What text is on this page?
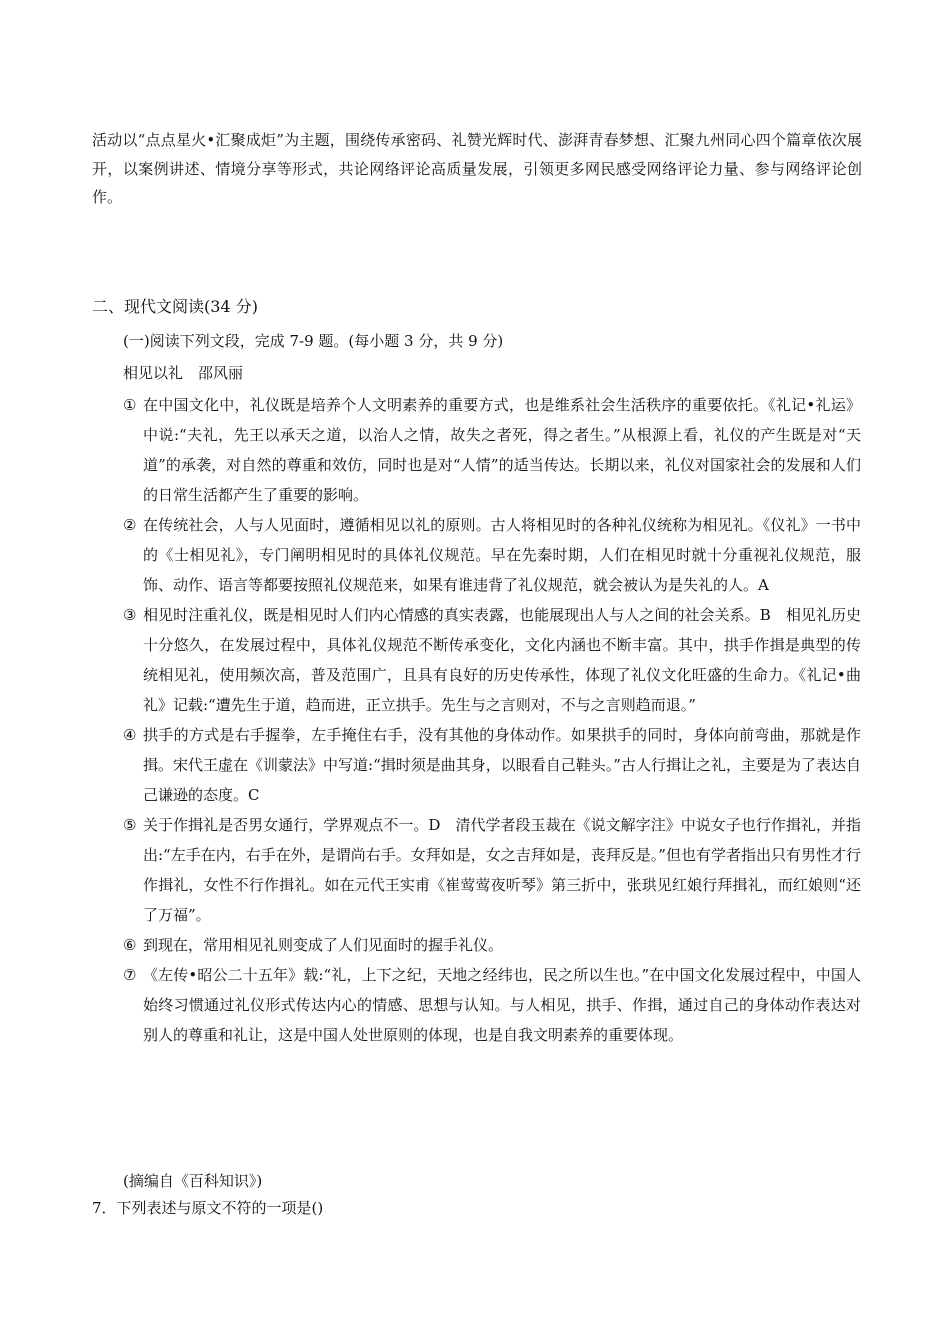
活动以“点点星火•汇聚成炬”为主题，围绕传承密码、礼赞光辉时代、澎湃青春梦想、汇聚九州同心四个篇章依次展开，以案例讲述、情境分享等形式，共论网络评论高质量发展，引领更多网民感受网络评论力量、参与网络评论创作。

二、现代文阅读(34 分)
(一)阅读下列文段，完成 7-9 题。(每小题 3 分，共 9 分)
相见以礼　邵风丽

① 在中国文化中，礼仪既是培养个人文明素养的重要方式，也是维系社会生活秩序的重要依托。《礼记•礼运》中说:“夫礼，先王以承天之道，以治人之情，故失之者死，得之者生。”从根源上看，礼仪的产生既是对“天道”的承袭，对自然的尊重和效仿，同时也是对“人情”的适当传达。长期以来，礼仪对国家社会的发展和人们的日常生活都产生了重要的影响。

② 在传统社会，人与人见面时，遵循相见以礼的原则。古人将相见时的各种礼仪统称为相见礼。《仪礼》一书中的《士相见礼》，专门阐明相见时的具体礼仪规范。早在先秦时期，人们在相见时就十分重视礼仪规范，服饰、动作、语言等都要按照礼仪规范来，如果有谁违背了礼仪规范，就会被认为是失礼的人。A

③ 相见时注重礼仪，既是相见时人们内心情感的真实表露，也能展现出人与人之间的社会关系。B　相见礼历史十分悠久，在发展过程中，具体礼仪规范不断传承变化，文化内涵也不断丰富。其中，拱手作揖是典型的传统相见礼，使用频次高，普及范围广，且具有良好的历史传承性，体现了礼仪文化旺盛的生命力。《礼记•曲礼》记载:“遭先生于道，趋而进，正立拱手。先生与之言则对，不与之言则趋而退。”

④ 拱手的方式是右手握拳，左手掩住右手，没有其他的身体动作。如果拱手的同时，身体向前弯曲，那就是作揖。宋代王虚在《训蒙法》中写道:“揖时须是曲其身，以眼看自己鞋头。”古人行揖让之礼，主要是为了表达自己谦逊的态度。C

⑤ 关于作揖礼是否男女通行，学界观点不一。D　清代学者段玉裁在《说文解字注》中说女子也行作揖礼，并指出:“左手在内，右手在外，是谓尚右手。女拜如是，女之吉拜如是，丧拜反是。”但也有学者指出只有男性才行作揖礼，女性不行作揖礼。如在元代王实甫《崔莺莺夜听琴》第三折中，张珙见红娘行拜揖礼，而红娘则“还了万福”。

⑥ 到现在，常用相见礼则变成了人们见面时的握手礼仪。

⑦ 《左传•昭公二十五年》载:“礼，上下之纪，天地之经纬也，民之所以生也。”在中国文化发展过程中，中国人始终习惯通过礼仪形式传达内心的情感、思想与认知。与人相见，拱手、作揖，通过自己的身体动作表达对别人的尊重和礼让，这是中国人处世原则的体现，也是自我文明素养的重要体现。

(摘编自《百科知识》)
7．下列表述与原文不符的一项是()
